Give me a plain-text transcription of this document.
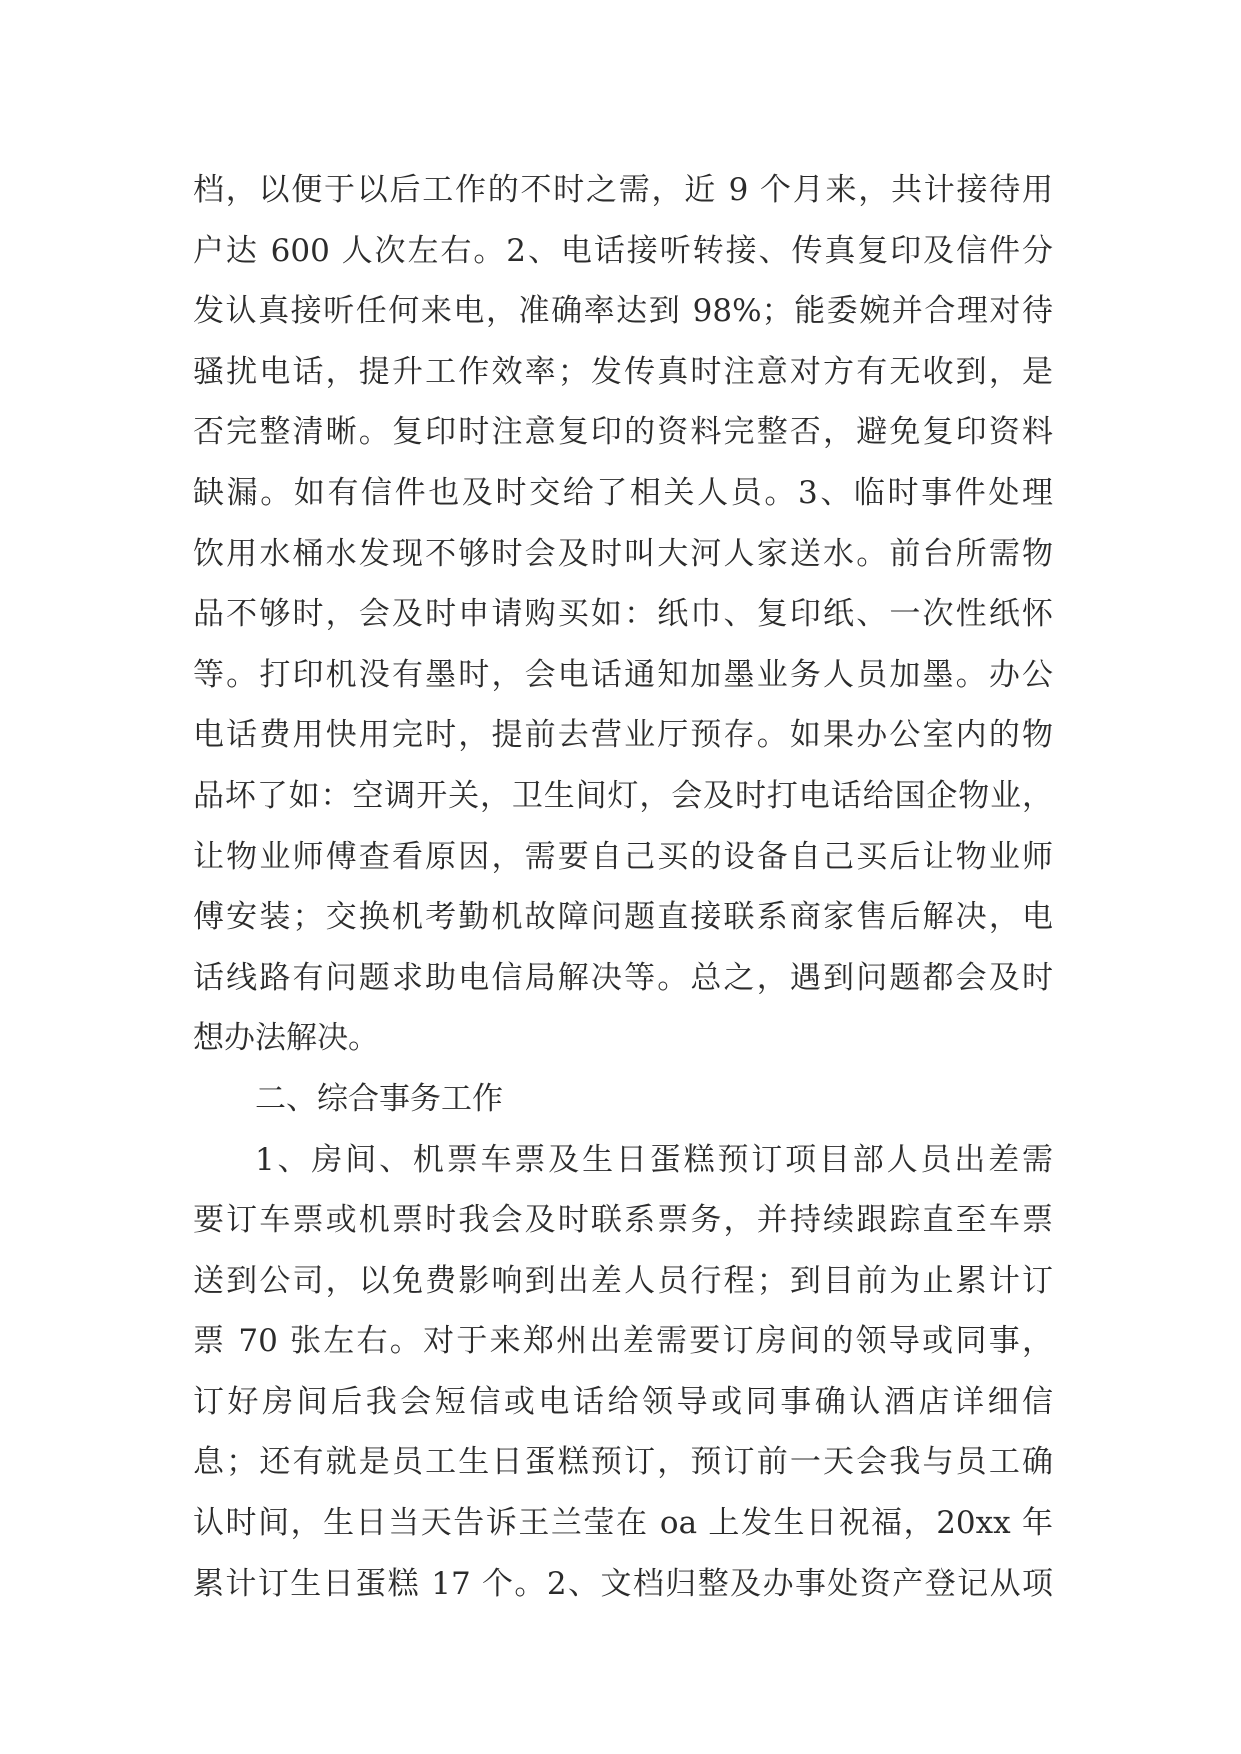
档，以便于以后工作的不时之需，近 9 个月来，共计接待用
户达 600 人次左右。2、电话接听转接、传真复印及信件分
发认真接听任何来电，准确率达到 98%；能委婉并合理对待
骚扰电话，提升工作效率；发传真时注意对方有无收到，是
否完整清晰。复印时注意复印的资料完整否，避免复印资料
缺漏。如有信件也及时交给了相关人员。3、临时事件处理
饮用水桶水发现不够时会及时叫大河人家送水。前台所需物
品不够时，会及时申请购买如：纸巾、复印纸、一次性纸怀
等。打印机没有墨时，会电话通知加墨业务人员加墨。办公
电话费用快用完时，提前去营业厅预存。如果办公室内的物
品坏了如：空调开关，卫生间灯，会及时打电话给国企物业，
让物业师傅查看原因，需要自己买的设备自己买后让物业师
傅安装；交换机考勤机故障问题直接联系商家售后解决，电
话线路有问题求助电信局解决等。总之，遇到问题都会及时
想办法解决。
二、综合事务工作
1、房间、机票车票及生日蛋糕预订项目部人员出差需
要订车票或机票时我会及时联系票务，并持续跟踪直至车票
送到公司，以免费影响到出差人员行程；到目前为止累计订
票 70 张左右。对于来郑州出差需要订房间的领导或同事，
订好房间后我会短信或电话给领导或同事确认酒店详细信
息；还有就是员工生日蛋糕预订，预订前一天会我与员工确
认时间，生日当天告诉王兰莹在 oa 上发生日祝福，20xx 年
累计订生日蛋糕 17 个。2、文档归整及办事处资产登记从项
